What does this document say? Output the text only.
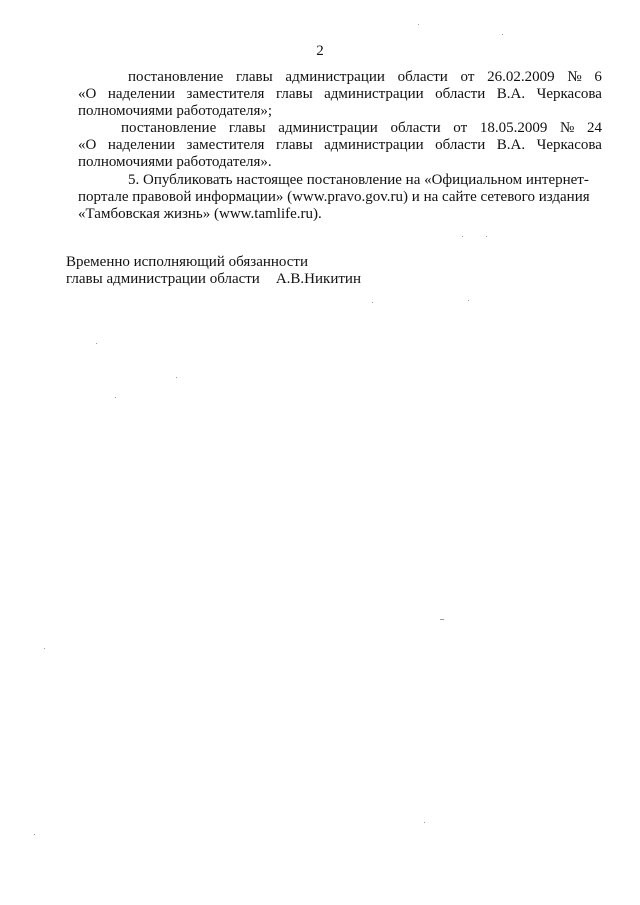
2
постановление главы администрации области от 26.02.2009 № 6
«О наделении заместителя главы администрации области В.А. Черкасова
полномочиями работодателя»;
постановление главы администрации области от 18.05.2009 № 24
«О наделении заместителя главы администрации области В.А. Черкасова
полномочиями работодателя».
5. Опубликовать настоящее постановление на «Официальном интернет-
портале правовой информации» (www.pravo.gov.ru) и на сайте сетевого издания
«Тамбовская жизнь» (www.tamlife.ru).
Временно исполняющий обязанности
главы администрации области А.В.Никитин
